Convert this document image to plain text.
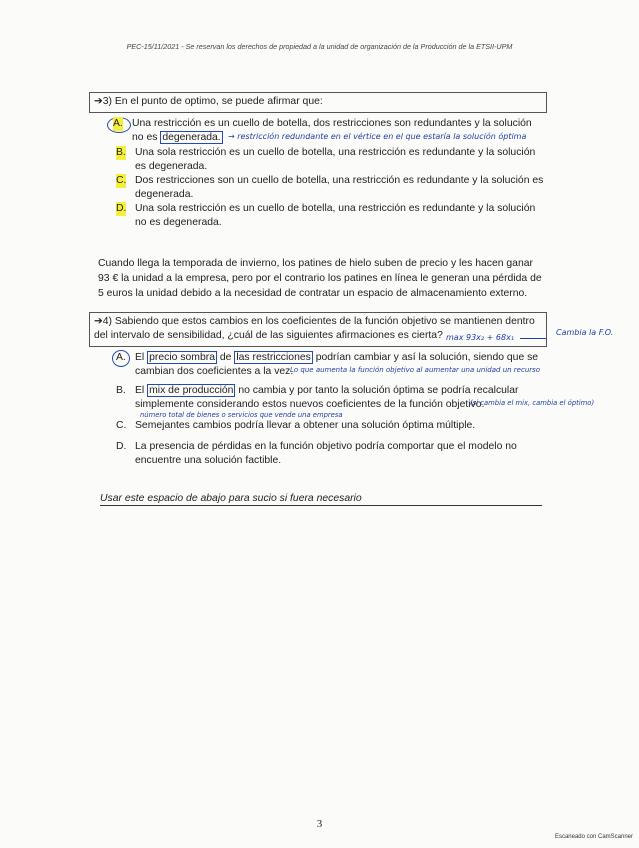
PEC-15/11/2021 - Se reservan los derechos de propiedad a la unidad de organización de la Producción de la ETSII-UPM
➔3) En el punto de optimo, se puede afirmar que:
A. Una restricción es un cuello de botella, dos restricciones son redundantes y la solución no es degenerada. → restricción redundante en el vértice en el que estaría la solución óptima
B. Una sola restricción es un cuello de botella, una restricción es redundante y la solución es degenerada.
C. Dos restricciones son un cuello de botella, una restricción es redundante y la solución es degenerada.
D. Una sola restricción es un cuello de botella, una restricción es redundante y la solución no es degenerada.
Cuando llega la temporada de invierno, los patines de hielo suben de precio y les hacen ganar 93 € la unidad a la empresa, pero por el contrario los patines en línea le generan una pérdida de 5 euros la unidad debido a la necesidad de contratar un espacio de almacenamiento externo.
➔4) Sabiendo que estos cambios en los coeficientes de la función objetivo se mantienen dentro del intervalo de sensibilidad, ¿cuál de las siguientes afirmaciones es cierta? max 93x₂ + 68x₁
Cambia la F.O.
A. El precio sombra de las restricciones podrían cambiar y así la solución, siendo que se cambian dos coeficientes a la vez.
Lo que aumenta la función objetivo al aumentar una unidad un recurso
B. El mix de producción no cambia y por tanto la solución óptima se podría recalcular simplemente considerando estos nuevos coeficientes de la función objetivo.
(si cambia el mix, cambia el óptimo)
número total de bienes o servicios que vende una empresa
C. Semejantes cambios podría llevar a obtener una solución óptima múltiple.
D. La presencia de pérdidas en la función objetivo podría comportar que el modelo no encuentre una solución factible.
Usar este espacio de abajo para sucio si fuera necesario
3
Escaneado con CamScanner
